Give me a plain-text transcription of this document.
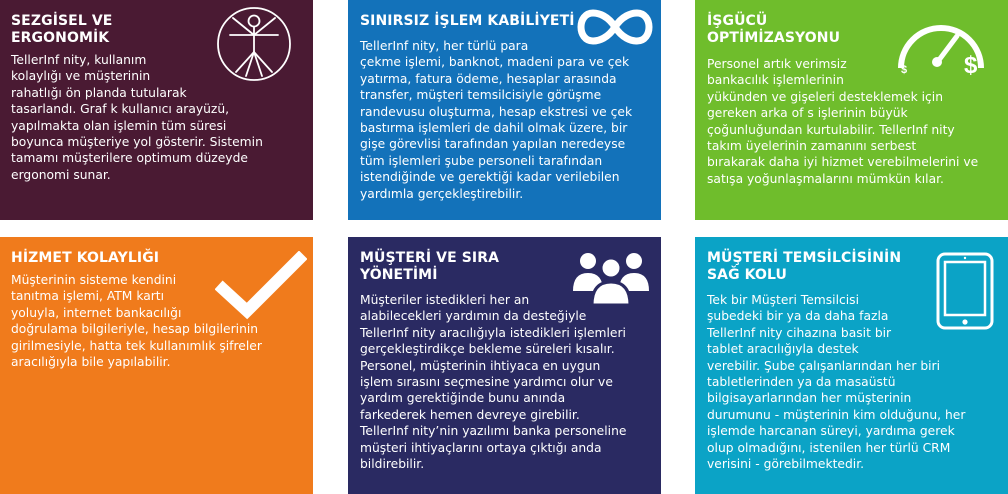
SEZGİSEL VE
ERGONOMİK
TellerInf nity, kullanım
kolaylığı ve müşterinin
rahatlığı ön planda tutularak
tasarlandı. Graf k kullanıcı arayüzü,
yapılmakta olan işlemin tüm süresi
boyunca müşteriye yol gösterir. Sistemin
tamamı müşterilere optimum düzeyde
ergonomi sunar.
SINIRSIZ İŞLEM KABİLİYETİ
TellerInf nity, her türlü para
çekme işlemi, banknot, madeni para ve çek
yatırma, fatura ödeme, hesaplar arasında
transfer, müşteri temsilcisiyle görüşme
randevusu oluşturma, hesap ekstresi ve çek
bastırma işlemleri de dahil olmak üzere, bir
gişe görevlisi tarafından yapılan neredeyse
tüm işlemleri şube personeli tarafından
istendiğinde ve gerektiği kadar verilebilen
yardımla gerçekleştirebilir.
İŞGÜCÜ
OPTİMİZASYONU
$ $
Personel artık verimsiz
bankacılık işlemlerinin
yükünden ve gişeleri desteklemek için
gereken arka of s işlerinin büyük
çoğunluğundan kurtulabilir. TellerInf nity
takım üyelerinin zamanını serbest
bırakarak daha iyi hizmet verebilmelerini ve
satışa yoğunlaşmalarını mümkün kılar.
HİZMET KOLAYLIĞI
Müşterinin sisteme kendini
tanıtma işlemi, ATM kartı
yoluyla, internet bankacılığı
doğrulama bilgileriyle, hesap bilgilerinin
girilmesiyle, hatta tek kullanımlık şifreler
aracılığıyla bile yapılabilir.
MÜŞTERİ VE SIRA
YÖNETİMİ
Müşteriler istedikleri her an
alabilecekleri yardımın da desteğiyle
TellerInf nity aracılığıyla istedikleri işlemleri
gerçekleştirdikçe bekleme süreleri kısalır.
Personel, müşterinin ihtiyaca en uygun
işlem sırasını seçmesine yardımcı olur ve
yardım gerektiğinde bunu anında
farkederek hemen devreye girebilir.
TellerInf nity’nin yazılımı banka personeline
müşteri ihtiyaçlarını ortaya çıktığı anda
bildirebilir.
MÜŞTERİ TEMSİLCİSİNİN
SAĞ KOLU
Tek bir Müşteri Temsilcisi
şubedeki bir ya da daha fazla
TellerInf nity cihazına basit bir
tablet aracılığıyla destek
verebilir. Şube çalışanlarından her biri
tabletlerinden ya da masaüstü
bilgisayarlarından her müşterinin
durumunu - müşterinin kim olduğunu, her
işlemde harcanan süreyi, yardıma gerek
olup olmadığını, istenilen her türlü CRM
verisini - görebilmektedir.
